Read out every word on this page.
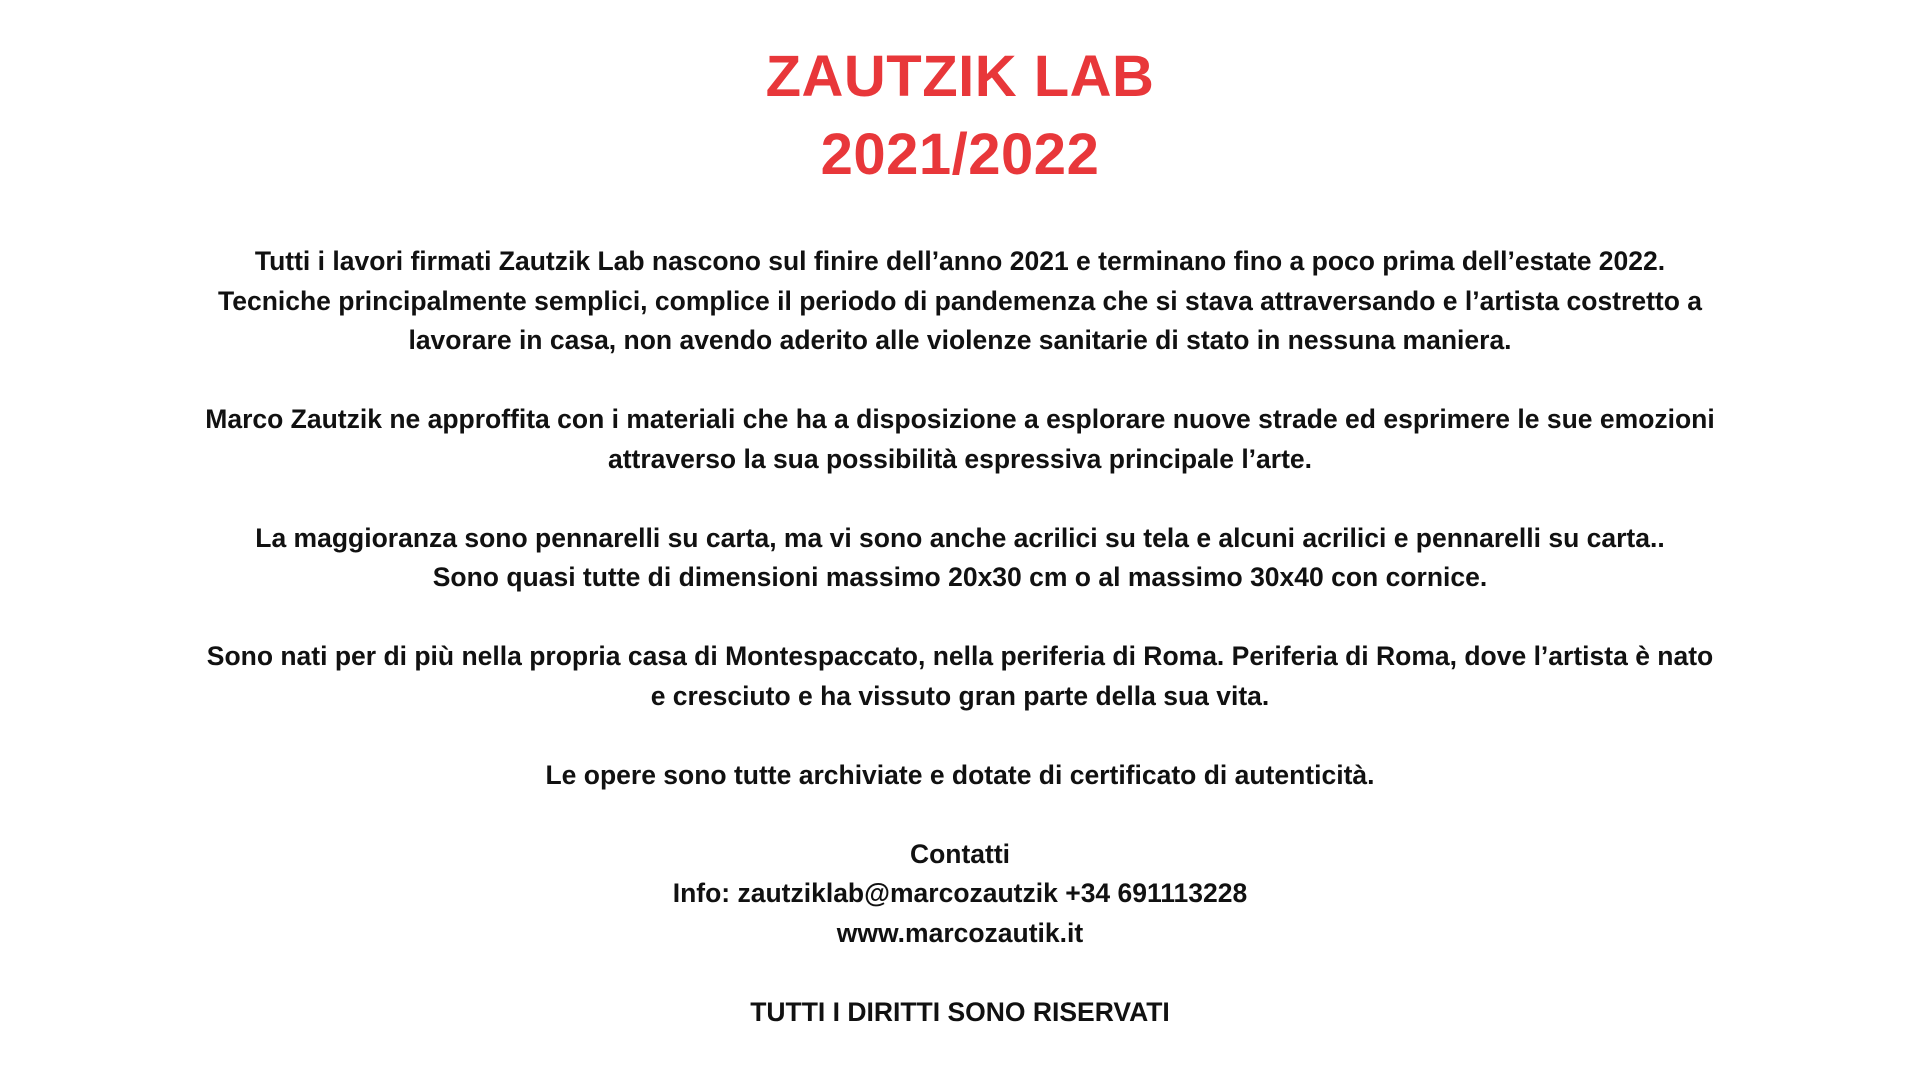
ZAUTZIK LAB
2021/2022

Tutti i lavori firmati Zautzik Lab nascono sul finire dell’anno 2021 e terminano fino a poco prima dell’estate 2022.
Tecniche principalmente semplici, complice il periodo di pandemenza che si stava attraversando e l’artista costretto a
lavorare in casa, non avendo aderito alle violenze sanitarie di stato in nessuna maniera.

Marco Zautzik ne approffita con i materiali che ha a disposizione a esplorare nuove strade ed esprimere le sue emozioni
attraverso la sua possibilità espressiva principale l’arte.

La maggioranza sono pennarelli su carta, ma vi sono anche acrilici su tela e alcuni acrilici e pennarelli su carta..
Sono quasi tutte di dimensioni massimo 20x30 cm o al massimo 30x40 con cornice.

Sono nati per di più nella propria casa di Montespaccato, nella periferia di Roma. Periferia di Roma, dove l’artista è nato
e cresciuto e ha vissuto gran parte della sua vita.

Le opere sono tutte archiviate e dotate di certificato di autenticità.

Contatti
Info: zautziklab@marcozautzik +34 691113228
www.marcozautik.it
TUTTI I DIRITTI SONO RISERVATI
